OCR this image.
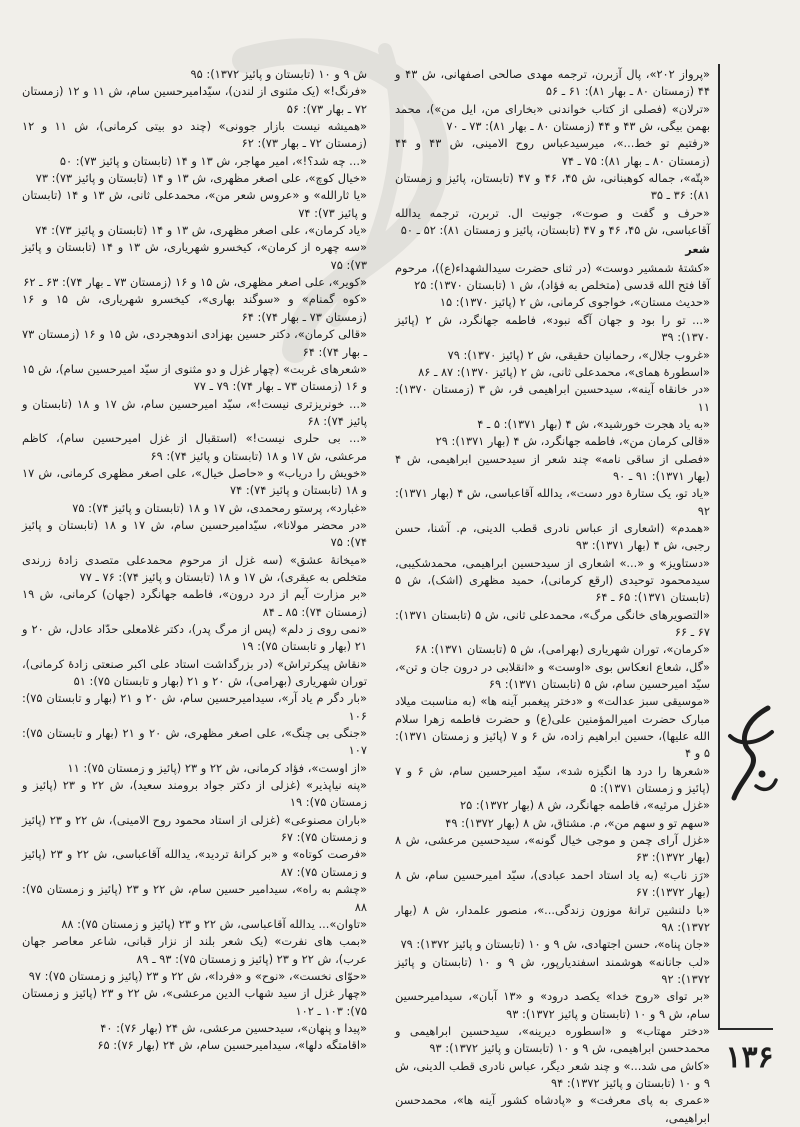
«پرواز ۲۰۲»، پال آزبرن، ترجمه مهدی صالحی اصفهانی، ش ۴۳ و ۴۴ (زمستان ۸۰ ـ بهار ۸۱): ۶۱ ـ ۵۶

«ترلان» (فصلی از کتاب خواندنی «بخارای من، ایل من»)، محمد بهمن بیگی، ش ۴۳ و ۴۴ (زمستان ۸۰ ـ بهار ۸۱): ۷۳ ـ ۷۰

«رفتیم تو خط...»، میرسیدعباس روح الامینی، ش ۴۳ و ۴۴ (زمستان ۸۰ ـ بهار ۸۱): ۷۵ ـ ۷۴

«پتّه»، جماله کوهبنانی، ش ۴۵، ۴۶ و ۴۷ (تابستان، پائیز و زمستان ۸۱): ۳۶ ـ ۳۵

«حرف و گفت و صوت»، جونیت ال. تربرن، ترجمه یدالله آقاعباسی، ش ۴۵، ۴۶ و ۴۷ (تابستان، پائیز و زمستان ۸۱): ۵۲ ـ ۵۰

شعر

«کشتهٔ شمشیر دوست» (در ثنای حضرت سیدالشهداء(ع))، مرحوم آقا فتح الله قدسی (متخلص به فؤاد)، ش ۱ (تابستان ۱۳۷۰): ۲۵

«حدیث مستان»، خواجوی کرمانی، ش ۲ (پائیز ۱۳۷۰): ۱۵

«... تو را بود و جهان آگه نبود»، فاطمه جهانگرد، ش ۲ (پائیز ۱۳۷۰): ۳۹

«غروب جلال»، رحمانیان حقیقی، ش ۲ (پائیز ۱۳۷۰): ۷۹

«اسطورهٔ همای»، محمدعلی ثانی، ش ۲ (پائیز ۱۳۷۰): ۸۷ ـ ۸۶

«در خانقاه آینه»، سیدحسین ابراهیمی فر، ش ۳ (زمستان ۱۳۷۰): ۱۱

«به یاد هجرت خورشید»، ش ۴ (بهار ۱۳۷۱): ۵ ـ ۴

«قالی کرمان من»، فاطمه جهانگرد، ش ۴ (بهار ۱۳۷۱): ۲۹

«فصلی از ساقی نامه» چند شعر از سیدحسین ابراهیمی، ش ۴ (بهار ۱۳۷۱): ۹۱ ـ ۹۰

«یاد تو، یک ستارهٔ دور دست»، یدالله آقاعباسی، ش ۴ (بهار ۱۳۷۱): ۹۲

«همدم» (اشعاری از عباس نادری قطب الدینی، م. آشنا، حسن رجبی، ش ۴ (بهار ۱۳۷۱): ۹۳

«دستاویز» و «...» اشعاری از سیدحسین ابراهیمی، محمدشکیبی، سیدمحمود توحیدی (ارقع کرمانی)، حمید مظهری (اشک)، ش ۵ (تابستان ۱۳۷۱): ۶۵ ـ ۶۴

«التصویرهای خانگی مرگ»، محمدعلی ثانی، ش ۵ (تابستان ۱۳۷۱): ۶۷ ـ ۶۶

«کرمان»، توران شهریاری (بهرامی)، ش ۵ (تابستان ۱۳۷۱): ۶۸

«گل، شعاع انعکاس بوی «اوست» و «انقلابی در درون جان و تن»، سیّد امیرحسین سام، ش ۵ (تابستان ۱۳۷۱): ۶۹

«موسیقی سبز عدالت» و «دختر پیغمبر آینه ها» (به مناسبت میلاد مبارک حضرت امیرالمؤمنین علی(ع) و حضرت فاطمه زهرا سلام الله علیها)، حسین ابراهیم زاده، ش ۶ و ۷ (پائیز و زمستان ۱۳۷۱): ۵ و ۴

«شعرها را درد ها انگیزه شد»، سیّد امیرحسین سام، ش ۶ و ۷ (پائیز و زمستان ۱۳۷۱): ۵

«غزل مرثیه»، فاطمه جهانگرد، ش ۸ (بهار ۱۳۷۲): ۲۵

«سهم تو و سهم من»، م. مشتاق، ش ۸ (بهار ۱۳۷۲): ۴۹

«غزل آرای چمن و موجی خیال گونه»، سیدحسین مرعشی، ش ۸ (بهار ۱۳۷۲): ۶۳

«رَز ناب» (به یاد استاد احمد عبادی)، سیّد امیرحسین سام، ش ۸ (بهار ۱۳۷۲): ۶۷

«با دلنشین ترانهٔ موزون زندگی...»، منصور علمدار، ش ۸ (بهار ۱۳۷۲): ۹۸

«جان پناه»، حسن اجتهادی، ش ۹ و ۱۰ (تابستان و پائیز ۱۳۷۲): ۷۹

«لب جانانه» هوشمند اسفندیارپور، ش ۹ و ۱۰ (تابستان و پائیز ۱۳۷۲): ۹۲

«بر توای «روح خدا» یکصد درود» و «۱۳ آبان»، سیدامیرحسین سام، ش ۹ و ۱۰ (تابستان و پائیز ۱۳۷۲): ۹۳

«دختر مهتاب» و «اسطوره دیرینه»، سیدحسین ابراهیمی و محمدحسن ابراهیمی، ش ۹ و ۱۰ (تابستان و پائیز ۱۳۷۲): ۹۳

«کاش می شد...» و چند شعر دیگر، عباس نادری قطب الدینی، ش ۹ و ۱۰ (تابستان و پائیز ۱۳۷۲): ۹۴

«عمری به پای معرفت» و «پادشاه کشور آینه ها»، محمدحسن ابراهیمی،

ش ۹ و ۱۰ (تابستان و پائیز ۱۳۷۲): ۹۵

«فرنگ!» (یک مثنوی از لندن)، سیّدامیرحسین سام، ش ۱۱ و ۱۲ (زمستان ۷۲ ـ بهار ۷۳): ۵۶

«همیشه نیست بازار جوونی» (چند دو بیتی کرمانی)، ش ۱۱ و ۱۲ (زمستان ۷۲ ـ بهار ۷۳): ۶۲

«... چه شد؟!»، امیر مهاجر، ش ۱۳ و ۱۴ (تابستان و پائیز ۷۳): ۵۰

«خیال کوچ»، علی اصغر مظهری، ش ۱۳ و ۱۴ (تابستان و پائیز ۷۳): ۷۳

«یا ثارالله» و «عروس شعر من»، محمدعلی ثانی، ش ۱۳ و ۱۴ (تابستان و پائیز ۷۳): ۷۴

«یاد کرمان»، علی اصغر مظهری، ش ۱۳ و ۱۴ (تابستان و پائیز ۷۳): ۷۴

«سه چهره از کرمان»، کیخسرو شهریاری، ش ۱۳ و ۱۴ (تابستان و پائیز ۷۳): ۷۵

«کویر»، علی اصغر مظهری، ش ۱۵ و ۱۶ (زمستان ۷۳ ـ بهار ۷۴): ۶۳ ـ ۶۲

«کوه گمنام» و «سوگند بهاری»، کیخسرو شهریاری، ش ۱۵ و ۱۶ (زمستان ۷۳ ـ بهار ۷۴): ۶۴

«قالی کرمان»، دکتر حسین بهزادی اندوهجردی، ش ۱۵ و ۱۶ (زمستان ۷۳ ـ بهار ۷۴): ۶۴

«شعرهای غربت» (چهار غزل و دو مثنوی از سیّد امیرحسین سام)، ش ۱۵ و ۱۶ (زمستان ۷۳ ـ بهار ۷۴): ۷۹ ـ ۷۷

«... خونریزتری نیست!»، سیّد امیرحسین سام، ش ۱۷ و ۱۸ (تابستان و پائیز ۷۴): ۶۸

«... بی حلری نیست!» (استقبال از غزل امیرحسین سام)، کاظم مرعشی، ش ۱۷ و ۱۸ (تابستان و پائیز ۷۴): ۶۹

«خویش را دریاب» و «حاصل خیال»، علی اصغر مظهری کرمانی، ش ۱۷ و ۱۸ (تابستان و پائیز ۷۴): ۷۴

«غبارد»، پرستو رمحمدی، ش ۱۷ و ۱۸ (تابستان و پائیز ۷۴): ۷۵

«در محضر مولانا»، سیّدامیرحسین سام، ش ۱۷ و ۱۸ (تابستان و پائیز ۷۴): ۷۵

«میخانهٔ عشق» (سه غزل از مرحوم محمدعلی متصدی زادهٔ زرندی متخلص به عبقری)، ش ۱۷ و ۱۸ (تابستان و پائیز ۷۴): ۷۶ ـ ۷۷

«بر مزارت آیم از درد درون»، فاطمه جهانگرد (جهان) کرمانی، ش ۱۹ (زمستان ۷۴): ۸۵ ـ ۸۴

«نمی روی ز دلم» (پس از مرگ پدر)، دکتر غلامعلی حدّاد عادل، ش ۲۰ و ۲۱ (بهار و تابستان ۷۵): ۱۹

«نقاش پیکرتراش» (در بزرگداشت استاد علی اکبر صنعتی زادهٔ کرمانی)، توران شهریاری (بهرامی)، ش ۲۰ و ۲۱ (بهار و تابستان ۷۵): ۵۱

«بار دگر م یاد آر»، سیدامیرحسین سام، ش ۲۰ و ۲۱ (بهار و تابستان ۷۵): ۱۰۶

«جنگی بی چنگ»، علی اصغر مظهری، ش ۲۰ و ۲۱ (بهار و تابستان ۷۵): ۱۰۷

«از اوست»، فؤاد کرمانی، ش ۲۲ و ۲۳ (پائیز و زمستان ۷۵): ۱۱

«پنه نیاپذیر» (غزلی از دکتر جواد برومند سعید)، ش ۲۲ و ۲۳ (پائیز و زمستان ۷۵): ۱۹

«باران مصنوعی» (غزلی از استاد محمود روح الامینی)، ش ۲۲ و ۲۳ (پائیز و زمستان ۷۵): ۶۷

«فرصت کوتاه» و «بر کرانهٔ تردید»، یدالله آقاعباسی، ش ۲۲ و ۲۳ (پائیز و زمستان ۷۵): ۸۷

«چشم به راه»، سیدامیر حسین سام، ش ۲۲ و ۲۳ (پائیز و زمستان ۷۵): ۸۸

«تاوان»... یدالله آقاعباسی، ش ۲۲ و ۲۳ (پائیز و زمستان ۷۵): ۸۸

«بمب های نفرت» (یک شعر بلند از نزار قبانی، شاعر معاصر جهان عرب)، ش ۲۲ و ۲۳ (پائیز و زمستان ۷۵): ۹۳ ـ ۸۹

«حوّای نخست»، «نوح» و «فردا»، ش ۲۲ و ۲۳ (پائیز و زمستان ۷۵): ۹۷

«چهار غزل از سید شهاب الدین مرعشی»، ش ۲۲ و ۲۳ (پائیز و زمستان ۷۵): ۱۰۳ ـ ۱۰۲

«پیدا و پنهان»، سیدحسین مرعشی، ش ۲۴ (بهار ۷۶): ۴۰

«اقامتگه دلها»، سیدامیرحسین سام، ش ۲۴ (بهار ۷۶): ۶۵	۱۳۶
